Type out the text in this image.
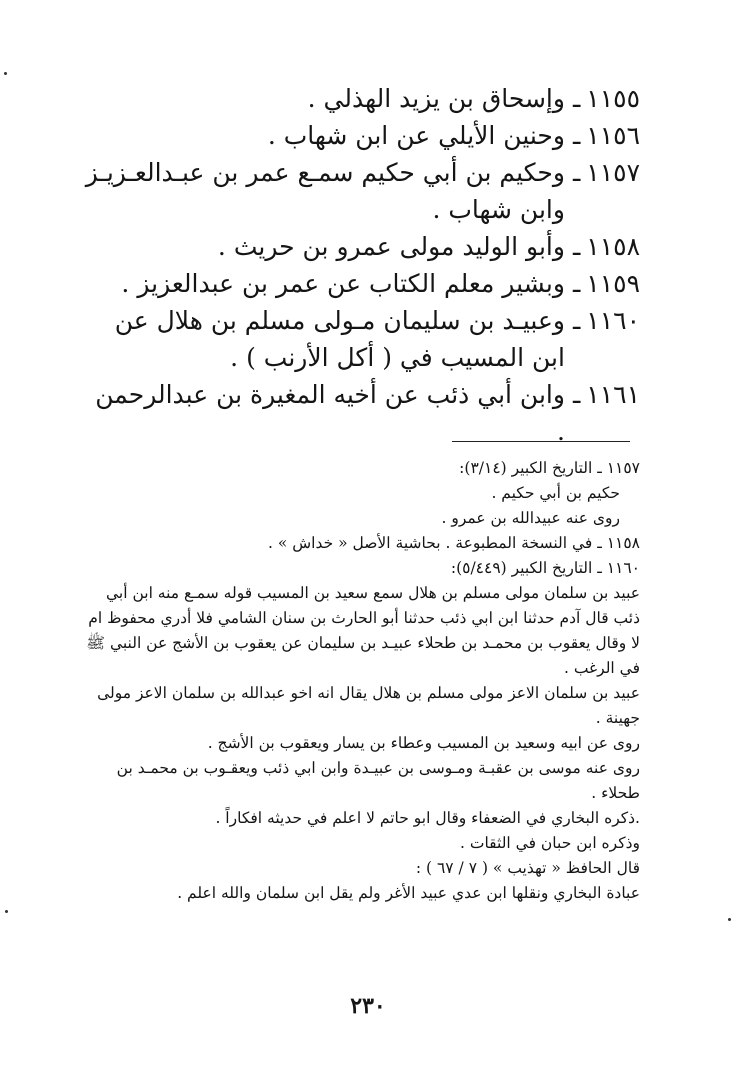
١١٥٥
ـ
وإسحاق بن يزيد الهذلي .
١١٥٦
ـ
وحنين الأيلي عن ابن شهاب .
١١٥٧
ـ
وحكيم بن أبي حكيم سمـع عمر بن عبـدالعـزيـز وابن شهاب .
١١٥٨
ـ
وأبو الوليد مولى عمرو بن حريث .
١١٥٩
ـ
وبشير معلم الكتاب عن عمر بن عبدالعزيز .
١١٦٠
ـ
وعبيـد بن سليمان مـولى مسلم بن هلال عن ابن المسيب في ( أكل الأرنب ) .
١١٦١
ـ
وابن أبي ذئب عن أخيه المغيرة بن عبدالرحمن .
١١٥٧ ـ التاريخ الكبير (٣/١٤):
حكيم بن أبي حكيم .
روى عنه عبيدالله بن عمرو .
١١٥٨ ـ في النسخة المطبوعة . بحاشية الأصل « خداش » .
١١٦٠ ـ التاريخ الكبير (٥/٤٤٩):
عبيد بن سلمان مولى مسلم بن هلال سمع سعيد بن المسيب قوله سمـع منه ابن أبي ذئب قال آدم حدثنا ابن ابي ذئب حدثنا أبو الحارث بن سنان الشامي فلا أدري محفوظ ام لا وقال يعقوب بن محمـد بن طحلاء عبيـد بن سليمان عن يعقوب بن الأشج عن النبي ﷺ في الرغب .
عبيد بن سلمان الاعز مولى مسلم بن هلال يقال انه اخو عبدالله بن سلمان الاعز مولى جهينة .
روى عن ابيه وسعيد بن المسيب وعطاء بن يسار ويعقوب بن الأشج .
روى عنه موسى بن عقبـة ومـوسى بن عبيـدة وابن ابي ذئب ويعقـوب بن محمـد بن طحلاء .
.ذكره البخاري في الضعفاء وقال ابو حاتم لا اعلم في حديثه افكاراً .
وذكره ابن حبان في الثقات .
قال الحافظ « تهذيب » ( ٧ / ٦٧ ) :
عبادة البخاري ونقلها ابن عدي عبيد الأغر ولم يقل ابن سلمان والله اعلم .
٢٣٠
